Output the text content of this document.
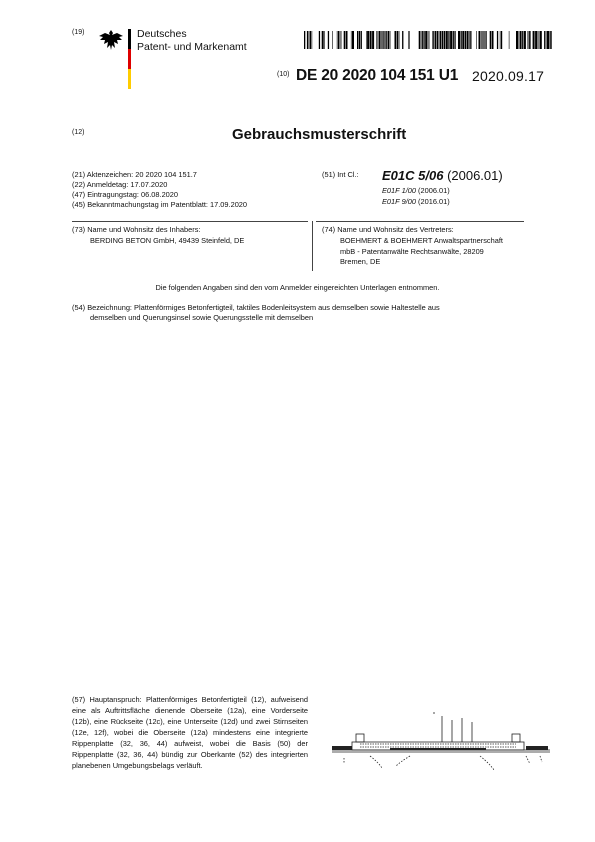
(19)	Deutsches
Patent- und Markenamt
(10) DE 20 2020 104 151 U1 2020.09.17
(12)	Gebrauchsmusterschrift
(21) Aktenzeichen: 20 2020 104 151.7
(22) Anmeldetag: 17.07.2020
(47) Eintragungstag: 06.08.2020
(45) Bekanntmachungstag im Patentblatt: 17.09.2020
(51) Int Cl.: E01C 5/06 (2006.01)
E01F 1/00 (2006.01)
E01F 9/00 (2016.01)
(73) Name und Wohnsitz des Inhabers:
BERDING BETON GmbH, 49439 Steinfeld, DE
(74) Name und Wohnsitz des Vertreters:
BOEHMERT & BOEHMERT Anwaltspartnerschaft
mbB - Patentanwälte Rechtsanwälte, 28209
Bremen, DE
Die folgenden Angaben sind den vom Anmelder eingereichten Unterlagen entnommen.
(54) Bezeichnung: Plattenförmiges Betonfertigteil, taktiles Bodenleitsystem aus demselben sowie Haltestelle aus
demselben und Querungsinsel sowie Querungsstelle mit demselben
(57) Hauptanspruch: Plattenförmiges Betonfertigteil (12), aufweisend eine als Auftrittsfläche dienende Oberseite (12a), eine Vorderseite (12b), eine Rückseite (12c), eine Unterseite (12d) und zwei Stirnseiten (12e, 12f), wobei die Oberseite (12a) mindestens eine integrierte Rippenplatte (32, 36, 44) aufweist, wobei die Basis (50) der Rippenplatte (32, 36, 44) bündig zur Oberkante (52) des integrierten planebenen Umgebungsbelags verläuft.
